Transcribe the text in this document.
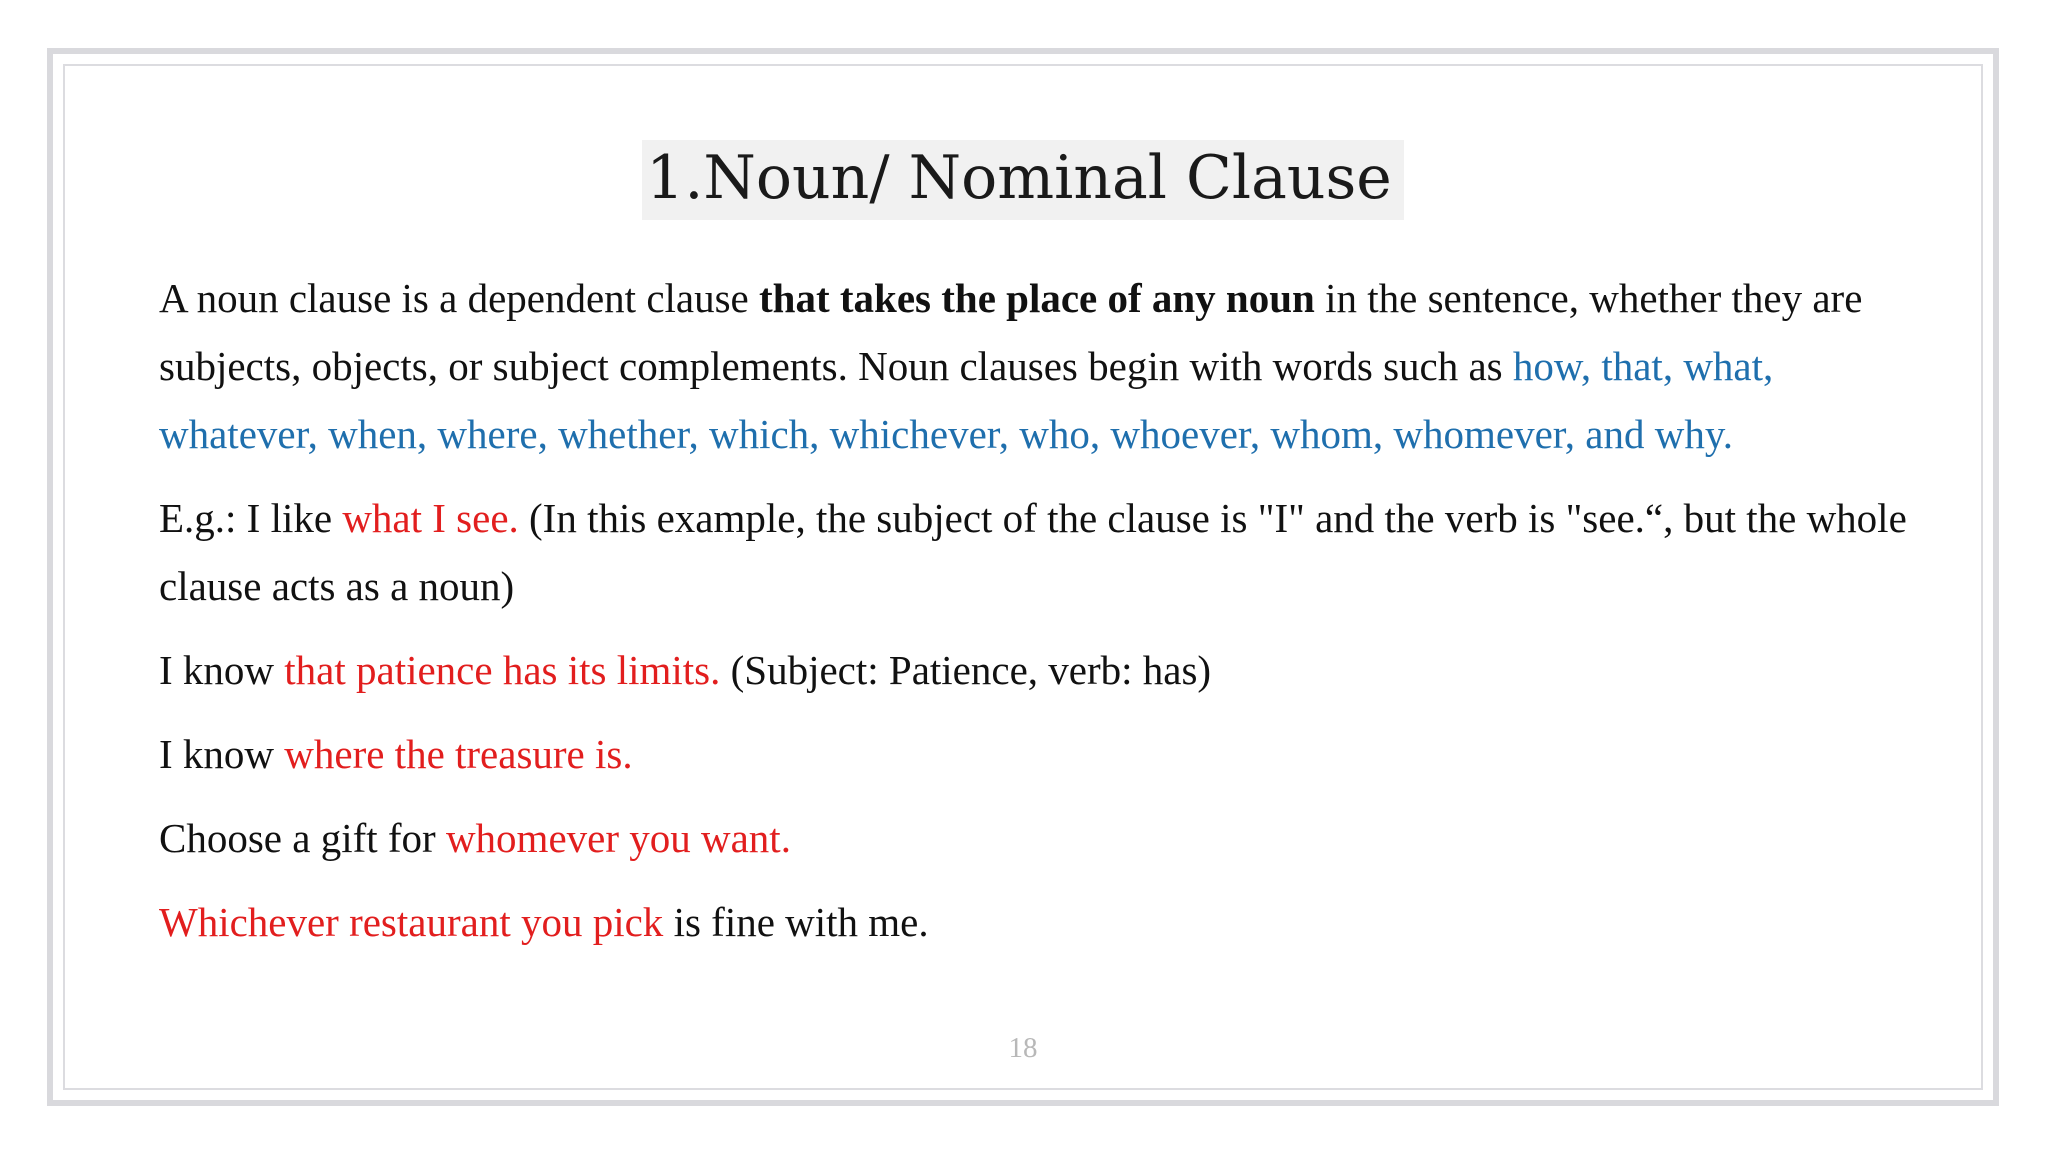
1.Noun/ Nominal Clause

A noun clause is a dependent clause that takes the place of any noun in the sentence, whether they are subjects, objects, or subject complements. Noun clauses begin with words such as how, that, what, whatever, when, where, whether, which, whichever, who, whoever, whom, whomever, and why.

E.g.: I like what I see. (In this example, the subject of the clause is "I" and the verb is "see.“, but the whole clause acts as a noun)

I know that patience has its limits. (Subject: Patience, verb: has)

I know where the treasure is.

Choose a gift for whomever you want.

Whichever restaurant you pick is fine with me.

18
